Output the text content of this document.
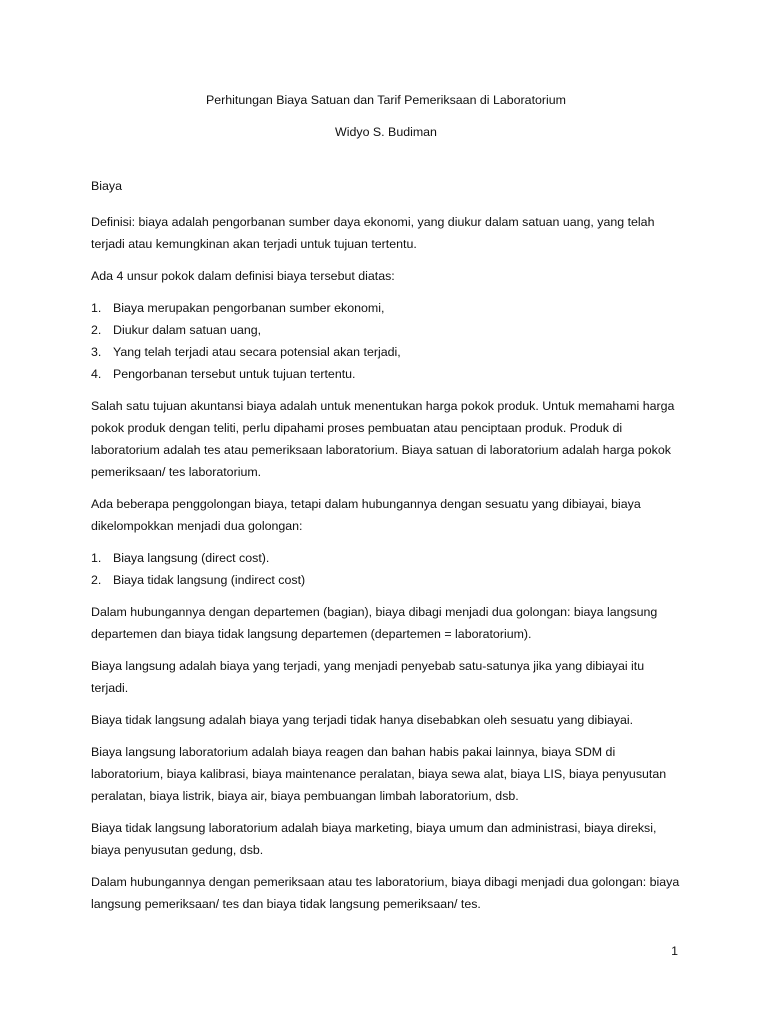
Perhitungan Biaya Satuan dan Tarif Pemeriksaan di Laboratorium
Widyo S. Budiman
Biaya

Definisi: biaya adalah pengorbanan sumber daya ekonomi, yang diukur dalam satuan uang, yang telah terjadi atau kemungkinan akan terjadi untuk tujuan tertentu.

Ada 4 unsur pokok dalam definisi biaya tersebut diatas:

1. Biaya merupakan pengorbanan sumber ekonomi,
2. Diukur dalam satuan uang,
3. Yang telah terjadi atau secara potensial akan terjadi,
4. Pengorbanan tersebut untuk tujuan tertentu.

Salah satu tujuan akuntansi biaya adalah untuk menentukan harga pokok produk. Untuk memahami harga pokok produk dengan teliti, perlu dipahami proses pembuatan atau penciptaan produk. Produk di laboratorium adalah tes atau pemeriksaan laboratorium. Biaya satuan di laboratorium adalah harga pokok pemeriksaan/ tes laboratorium.

Ada beberapa penggolongan biaya, tetapi dalam hubungannya dengan sesuatu yang dibiayai, biaya dikelompokkan menjadi dua golongan:

1. Biaya langsung (direct cost).
2. Biaya tidak langsung (indirect cost)

Dalam hubungannya dengan departemen (bagian), biaya dibagi menjadi dua golongan: biaya langsung departemen dan biaya tidak langsung departemen (departemen = laboratorium).

Biaya langsung adalah biaya yang terjadi, yang menjadi penyebab satu-satunya jika yang dibiayai itu terjadi.

Biaya tidak langsung adalah biaya yang terjadi tidak hanya disebabkan oleh sesuatu yang dibiayai.

Biaya langsung laboratorium adalah biaya reagen dan bahan habis pakai lainnya, biaya SDM di laboratorium, biaya kalibrasi, biaya maintenance peralatan, biaya sewa alat, biaya LIS, biaya penyusutan peralatan, biaya listrik, biaya air, biaya pembuangan limbah laboratorium, dsb.

Biaya tidak langsung laboratorium adalah biaya marketing, biaya umum dan administrasi, biaya direksi, biaya penyusutan gedung, dsb.

Dalam hubungannya dengan pemeriksaan atau tes laboratorium, biaya dibagi menjadi dua golongan: biaya langsung pemeriksaan/ tes dan biaya tidak langsung pemeriksaan/ tes.

1
